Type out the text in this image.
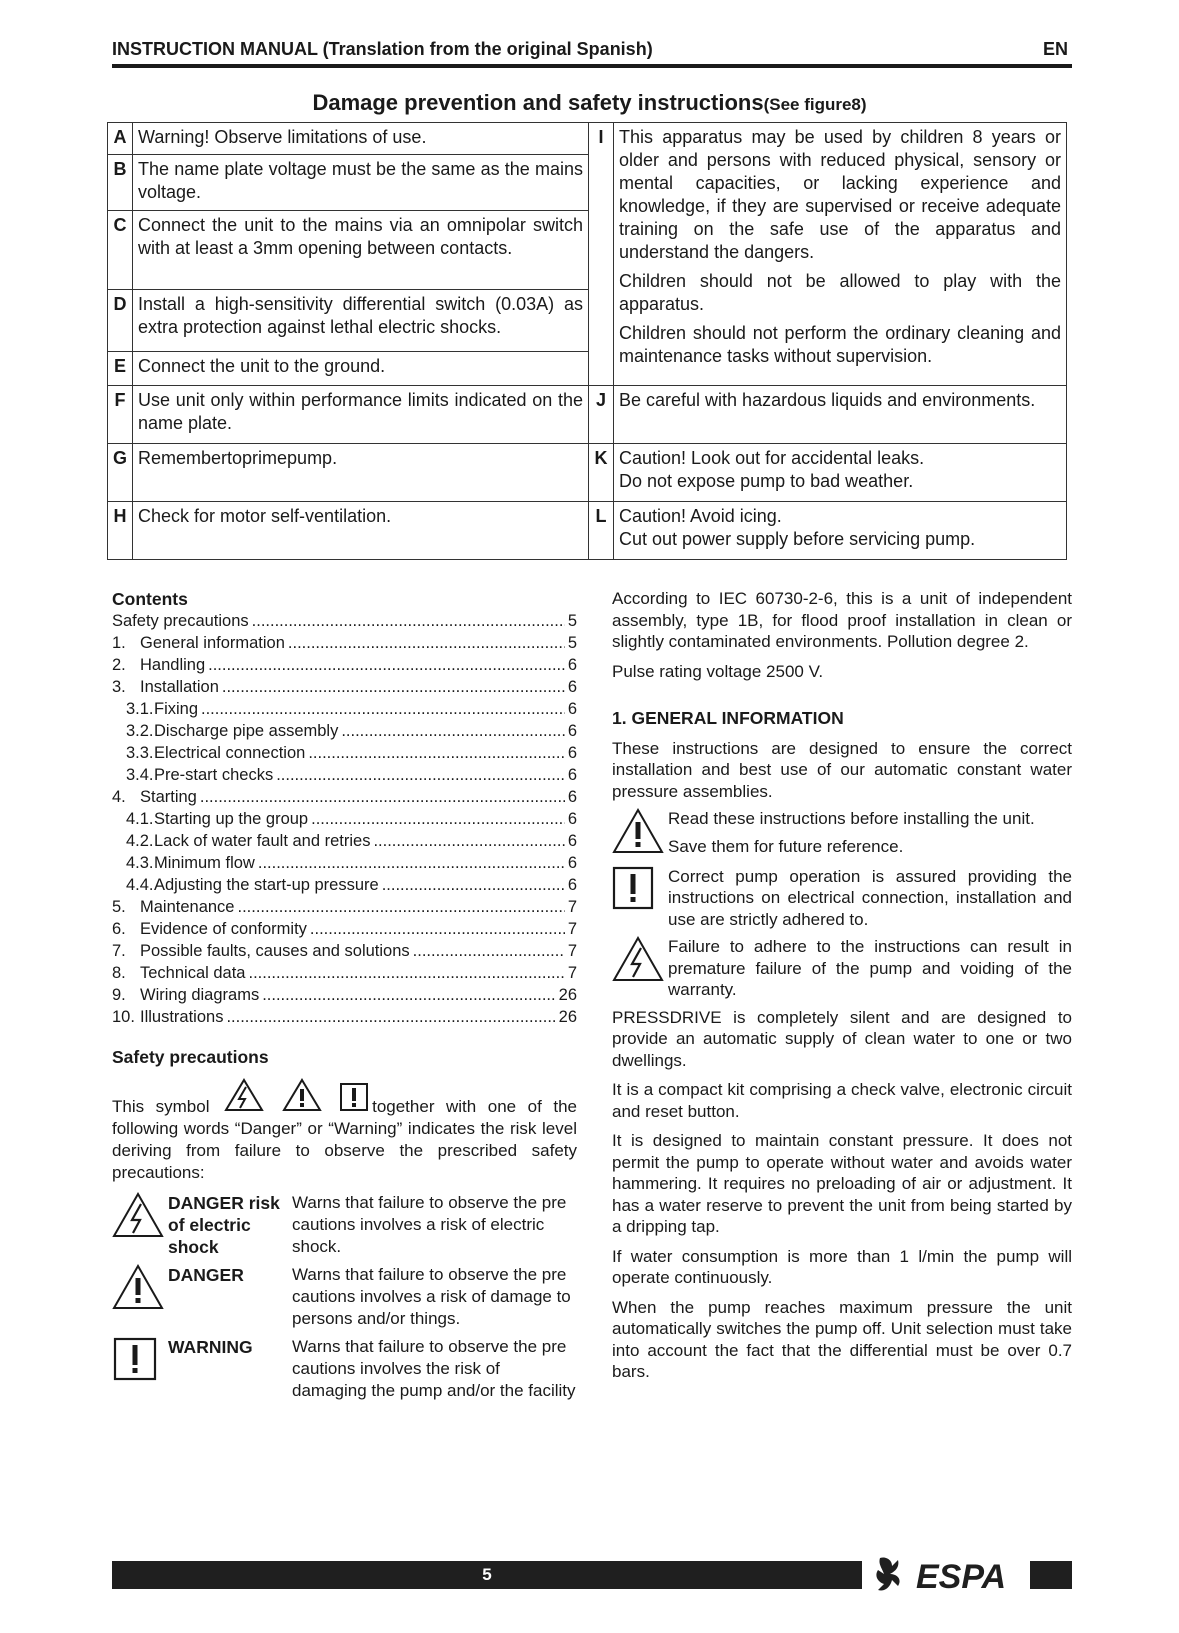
INSTRUCTION MANUAL (Translation from the original Spanish)	EN
Damage prevention and safety instructions(See figure8)
A	Warning! Observe limitations of use.	I	This apparatus may be used by children 8 years or older and persons with reduced physical, sensory or mental capacities, or lacking experience and knowledge, if they are supervised or receive adequate training on the safe use of the apparatus and understand the dangers.

Children should not be allowed to play with the apparatus.

Children should not perform the ordinary cleaning and maintenance tasks without supervision.

B	The name plate voltage must be the same as the mains voltage.		
C	Connect the unit to the mains via an omnipolar switch with at least a 3mm opening between contacts.		
D	Install a high-sensitivity differential switch (0.03A) as extra protection against lethal electric shocks.		
E	Connect the unit to the ground.		
F	Use unit only within performance limits indicated on the name plate.	J	Be careful with hazardous liquids and environments.

G	Remembertoprimepump.	K	Caution! Look out for accidental leaks.
Do not expose pump to bad weather.

H	Check for motor self-ventilation.	L	Caution! Avoid icing.
Cut out power supply before servicing pump.

Contents

Safety precautions .....	5
1. General information .....	5
2. Handling .....	6
3. Installation .....	6
3.1. Fixing .....	6
3.2. Discharge pipe assembly .....	6
3.3. Electrical connection .....	6
3.4. Pre-start checks .....	6
4. Starting .....	6
4.1. Starting up the group .....	6
4.2. Lack of water fault and retries .....	6
4.3. Minimum flow .....	6
4.4. Adjusting the start-up pressure .....	6
5. Maintenance .....	7
6. Evidence of conformity .....	7
7. Possible faults, causes and solutions .....	7
8. Technical data .....	7
9. Wiring diagrams .....	26
10. Illustrations .....	26

Safety precautions

This symbol	together with one of the following words “Danger” or “Warning” indicates the risk level deriving from failure to observe the prescribed safety precautions:

DANGER risk of electric shock
Warns that failure to observe the pre cautions involves a risk of electric shock.
DANGER	Warns that failure to observe the pre cautions involves a risk of damage to persons and/or things.
WARNING	Warns that failure to observe the pre cautions involves the risk of damaging the pump and/or the facility

According to IEC 60730-2-6, this is a unit of independent assembly, type 1B, for flood proof installation in clean or slightly contaminated environments. Pollution degree 2.

Pulse rating voltage 2500 V.

1. GENERAL INFORMATION

These instructions are designed to ensure the correct installation and best use of our automatic constant water pressure assemblies.

Read these instructions before installing the unit.
Save them for future reference.
Correct pump operation is assured providing the instructions on electrical connection, installation and use are strictly adhered to.
Failure to adhere to the instructions can result in premature failure of the pump and voiding of the warranty.

PRESSDRIVE is completely silent and are designed to provide an automatic supply of clean water to one or two dwellings.

It is a compact kit comprising a check valve, electronic circuit and reset button.

It is designed to maintain constant pressure. It does not permit the pump to operate without water and avoids water hammering. It requires no preloading of air or adjustment. It has a water reserve to prevent the unit from being started by a dripping tap.

If water consumption is more than 1 l/min the pump will operate continuously.

When the pump reaches maximum pressure the unit automatically switches the pump off. Unit selection must take into account the fact that the differential must be over 0.7 bars.

5	ESPA
